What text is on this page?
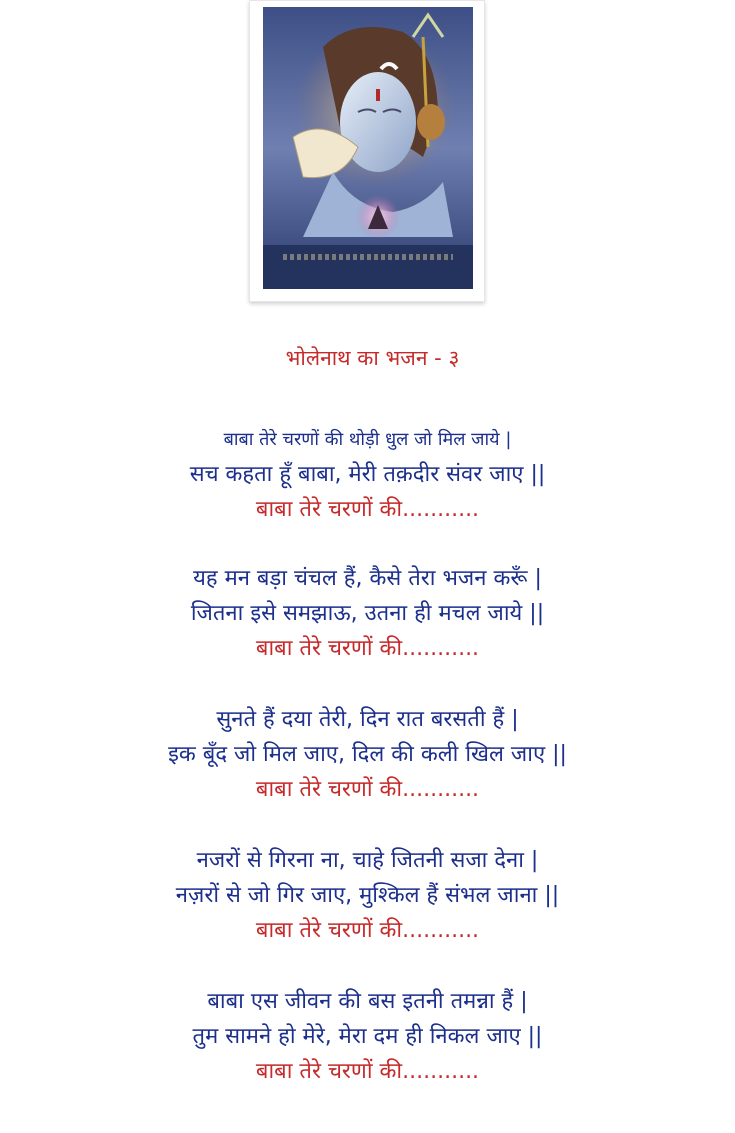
भोलेनाथ का भजन - ३
बाबा तेरे चरणों की थोड़ी धुल जो मिल जाये |
सच कहता हूँ बाबा, मेरी तक़दीर संवर जाए ||
बाबा तेरे चरणों की...........
यह मन बड़ा चंचल हैं, कैसे तेरा भजन करूँ |
जितना इसे समझाऊ, उतना ही मचल जाये ||
बाबा तेरे चरणों की...........
सुनते हैं दया तेरी, दिन रात बरसती हैं |
इक बूँद जो मिल जाए, दिल की कली खिल जाए ||
बाबा तेरे चरणों की...........
नजरों से गिरना ना, चाहे जितनी सजा देना |
नज़रों से जो गिर जाए, मुश्किल हैं संभल जाना ||
बाबा तेरे चरणों की...........
बाबा एस जीवन की बस इतनी तमन्ना हैं |
तुम सामने हो मेरे, मेरा दम ही निकल जाए ||
बाबा तेरे चरणों की...........
